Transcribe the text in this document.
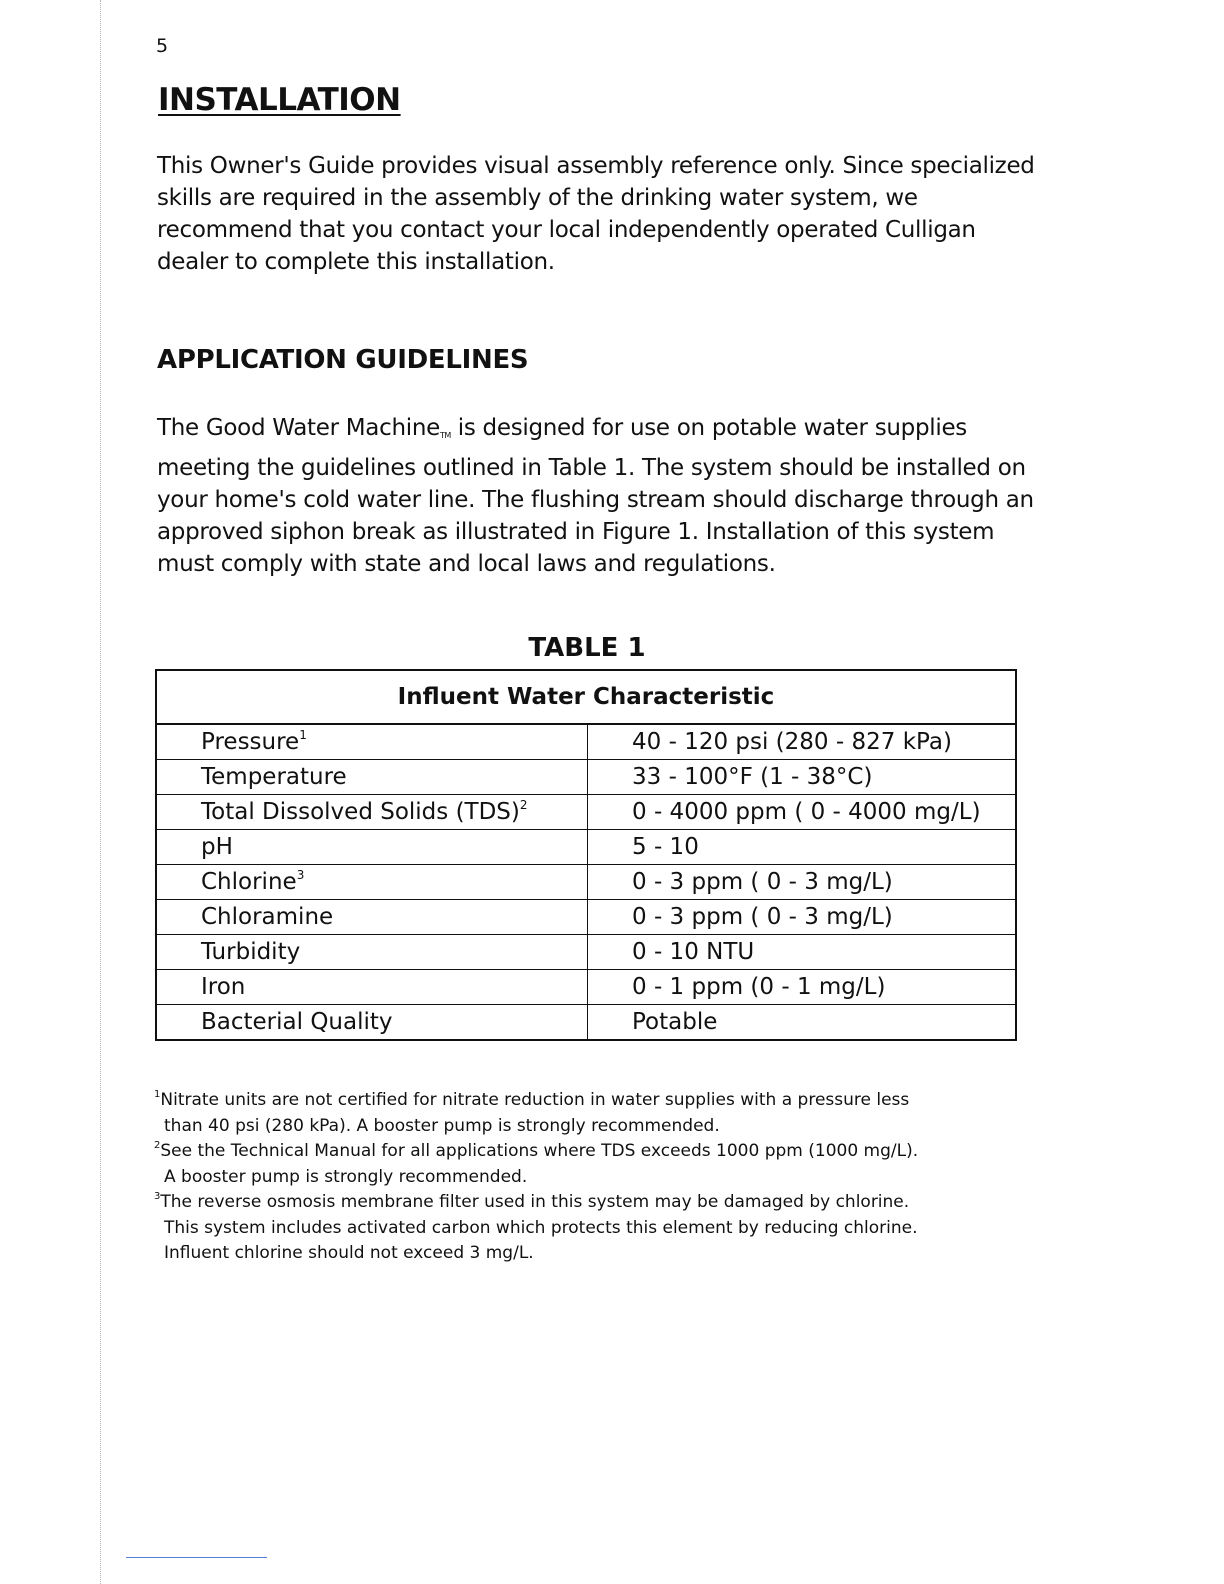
5
INSTALLATION

This Owner's Guide provides visual assembly reference only. Since specialized skills are required in the assembly of the drinking water system, we recommend that you contact your local independently operated Culligan dealer to complete this installation.

APPLICATION GUIDELINES

The Good Water MachineTM is designed for use on potable water supplies meeting the guidelines outlined in Table 1. The system should be installed on your home's cold water line. The flushing stream should discharge through an approved siphon break as illustrated in Figure 1. Installation of this system must comply with state and local laws and regulations.

TABLE 1
Influent Water Characteristic	
Pressure$^1$	40 - 120 psi (280 - 827 kPa)
Temperature	33 - 100°F (1 - 38°C)
Total Dissolved Solids (TDS)$^2$	0 - 4000 ppm ( 0 - 4000 mg/L)
pH	5 - 10
Chlorine$^3$	0 - 3 ppm ( 0 - 3 mg/L)
Chloramine	0 - 3 ppm ( 0 - 3 mg/L)
Turbidity	0 - 10 NTU
Iron	0 - 1 ppm (0 - 1 mg/L)
Bacterial Quality	Potable

$^1$Nitrate units are not certified for nitrate reduction in water supplies with a pressure less
than 40 psi (280 kPa). A booster pump is strongly recommended.

$^2$See the Technical Manual for all applications where TDS exceeds 1000 ppm (1000 mg/L).
A booster pump is strongly recommended.

$^3$The reverse osmosis membrane filter used in this system may be damaged by chlorine.
This system includes activated carbon which protects this element by reducing chlorine.
Influent chlorine should not exceed 3 mg/L.
